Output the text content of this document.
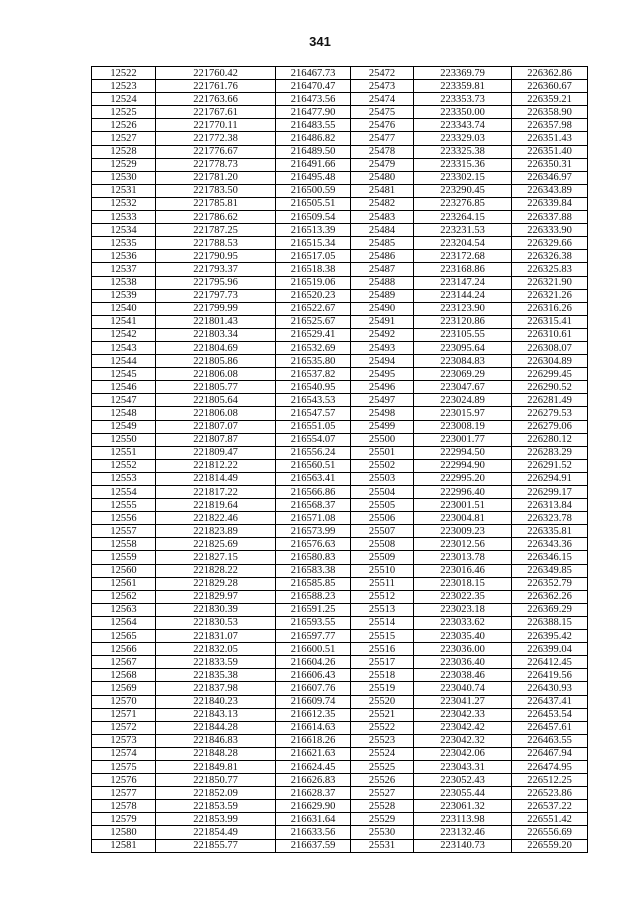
341
12522	221760.42	216467.73	25472	223369.79	226362.86
12523	221761.76	216470.47	25473	223359.81	226360.67
12524	221763.66	216473.56	25474	223353.73	226359.21
12525	221767.61	216477.90	25475	223350.00	226358.90
12526	221770.11	216483.55	25476	223343.74	226357.98
12527	221772.38	216486.82	25477	223329.03	226351.43
12528	221776.67	216489.50	25478	223325.38	226351.40
12529	221778.73	216491.66	25479	223315.36	226350.31
12530	221781.20	216495.48	25480	223302.15	226346.97
12531	221783.50	216500.59	25481	223290.45	226343.89
12532	221785.81	216505.51	25482	223276.85	226339.84
12533	221786.62	216509.54	25483	223264.15	226337.88
12534	221787.25	216513.39	25484	223231.53	226333.90
12535	221788.53	216515.34	25485	223204.54	226329.66
12536	221790.95	216517.05	25486	223172.68	226326.38
12537	221793.37	216518.38	25487	223168.86	226325.83
12538	221795.96	216519.06	25488	223147.24	226321.90
12539	221797.73	216520.23	25489	223144.24	226321.26
12540	221799.99	216522.67	25490	223123.90	226316.26
12541	221801.43	216525.67	25491	223120.86	226315.41
12542	221803.34	216529.41	25492	223105.55	226310.61
12543	221804.69	216532.69	25493	223095.64	226308.07
12544	221805.86	216535.80	25494	223084.83	226304.89
12545	221806.08	216537.82	25495	223069.29	226299.45
12546	221805.77	216540.95	25496	223047.67	226290.52
12547	221805.64	216543.53	25497	223024.89	226281.49
12548	221806.08	216547.57	25498	223015.97	226279.53
12549	221807.07	216551.05	25499	223008.19	226279.06
12550	221807.87	216554.07	25500	223001.77	226280.12
12551	221809.47	216556.24	25501	222994.50	226283.29
12552	221812.22	216560.51	25502	222994.90	226291.52
12553	221814.49	216563.41	25503	222995.20	226294.91
12554	221817.22	216566.86	25504	222996.40	226299.17
12555	221819.64	216568.37	25505	223001.51	226313.84
12556	221822.46	216571.08	25506	223004.81	226323.78
12557	221823.89	216573.99	25507	223009.23	226335.81
12558	221825.69	216576.63	25508	223012.56	226343.36
12559	221827.15	216580.83	25509	223013.78	226346.15
12560	221828.22	216583.38	25510	223016.46	226349.85
12561	221829.28	216585.85	25511	223018.15	226352.79
12562	221829.97	216588.23	25512	223022.35	226362.26
12563	221830.39	216591.25	25513	223023.18	226369.29
12564	221830.53	216593.55	25514	223033.62	226388.15
12565	221831.07	216597.77	25515	223035.40	226395.42
12566	221832.05	216600.51	25516	223036.00	226399.04
12567	221833.59	216604.26	25517	223036.40	226412.45
12568	221835.38	216606.43	25518	223038.46	226419.56
12569	221837.98	216607.76	25519	223040.74	226430.93
12570	221840.23	216609.74	25520	223041.27	226437.41
12571	221843.13	216612.35	25521	223042.33	226453.54
12572	221844.28	216614.63	25522	223042.42	226457.61
12573	221846.83	216618.26	25523	223042.32	226463.55
12574	221848.28	216621.63	25524	223042.06	226467.94
12575	221849.81	216624.45	25525	223043.31	226474.95
12576	221850.77	216626.83	25526	223052.43	226512.25
12577	221852.09	216628.37	25527	223055.44	226523.86
12578	221853.59	216629.90	25528	223061.32	226537.22
12579	221853.99	216631.64	25529	223113.98	226551.42
12580	221854.49	216633.56	25530	223132.46	226556.69
12581	221855.77	216637.59	25531	223140.73	226559.20
